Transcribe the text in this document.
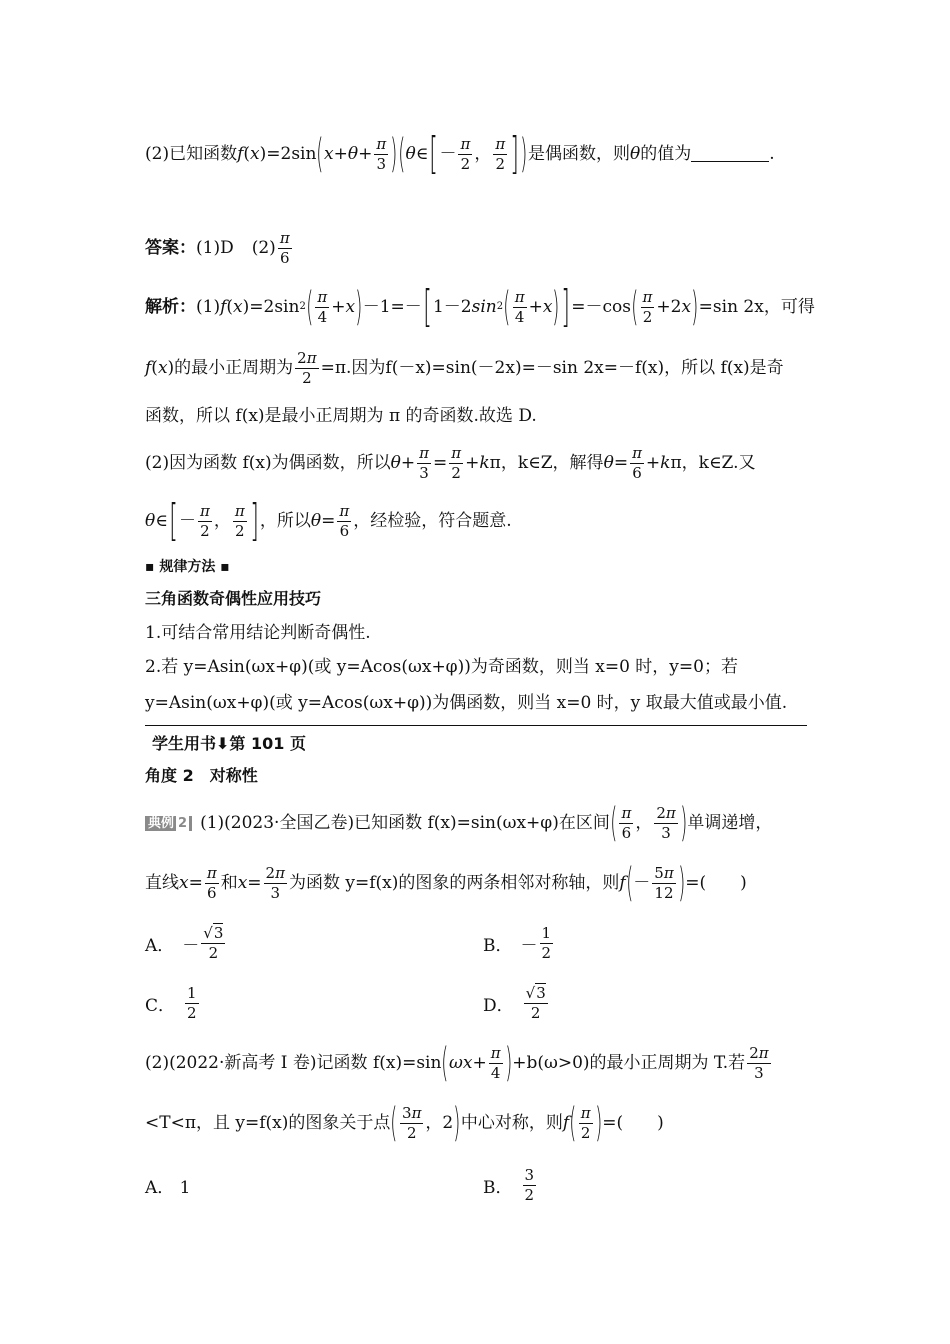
(2)已知函数 f ( x )=2sin ( $x + \theta + \frac{\pi}{3}$ ) ( θ ∈ [ － $\frac{\pi}{2}$ ， $\frac{\pi}{2}$ ] ) 是偶函数，则 θ 的值为	.
答案： (1)D $(2) \frac{\pi}{6}$
解析： (1) f ( x )=2sin 2 ( $\frac{\pi}{4} + x$ ) －1=－ [ 1－2 sin 2 ( $\frac{\pi}{4} + x$ ) ] =－cos ( $\frac{\pi}{2} +2$ x ) =sin 2x，可得
f ( x ) 的最小正周期为 $\frac{2\pi}{2} =\pi$.因为 f(－x)=sin(－2x)=－sin 2x=－f(x)，所以 f(x)是奇
函数，所以 f(x)是最小正周期为 π 的奇函数.故选 D.
(2)因为函数 f(x)为偶函数，所以 $\theta + \frac{\pi}{3} = \frac{\pi}{2} + k$ π ，k∈Z，解得 $\theta = \frac{\pi}{6} + k$ π ，k∈Z.又
θ ∈ [ － $\frac{\pi}{2}$ ， $\frac{\pi}{2}$ ] ，所以 $\theta = \frac{\pi}{6}$ ，经检验，符合题意.
▪ 规律方法 ▪
三角函数奇偶性应用技巧
1.可结合常用结论判断奇偶性.
2.若 y=Asin(ωx+φ)(或 y=Acos(ωx+φ))为奇函数，则当 x=0 时，y=0；若
y=Asin(ωx+φ)(或 y=Acos(ωx+φ))为偶函数，则当 x=0 时，y 取最大值或最小值.
学生用书⬇第 101 页
角度 2　对称性
典例 2 (1)(2023·全国乙卷)已知函数 f(x)=sin(ωx+φ)在区间 ( $\frac{\pi}{6}$ ， $\frac{2\pi}{3}$ ) 单调递增，
直线 $x = \frac{\pi}{6}$ 和 $x = \frac{2\pi}{3}$ 为函数 y=f(x)的图象的两条相邻对称轴，则 f ( － $\frac{5\pi}{12}$ ) =(　　)
A． － $\frac{√3}{2}$	B． － $\frac{1}{2}$
C． $\frac{1}{2}$	D． $\frac{√3}{2}$
(2)(2022·新高考 Ⅰ 卷)记函数 f(x)=sin ( $\omega x + \frac{\pi}{4}$ ) +b(ω>0)的最小正周期为 T.若 $\frac{2\pi}{3}$
<T<π，且 y=f(x)的图象关于点 ( $\frac{3\pi}{2}$ ，2 ) 中心对称，则 f ( $\frac{\pi}{2}$ ) =(　　)
A． 1	B． $\frac{3}{2}$
